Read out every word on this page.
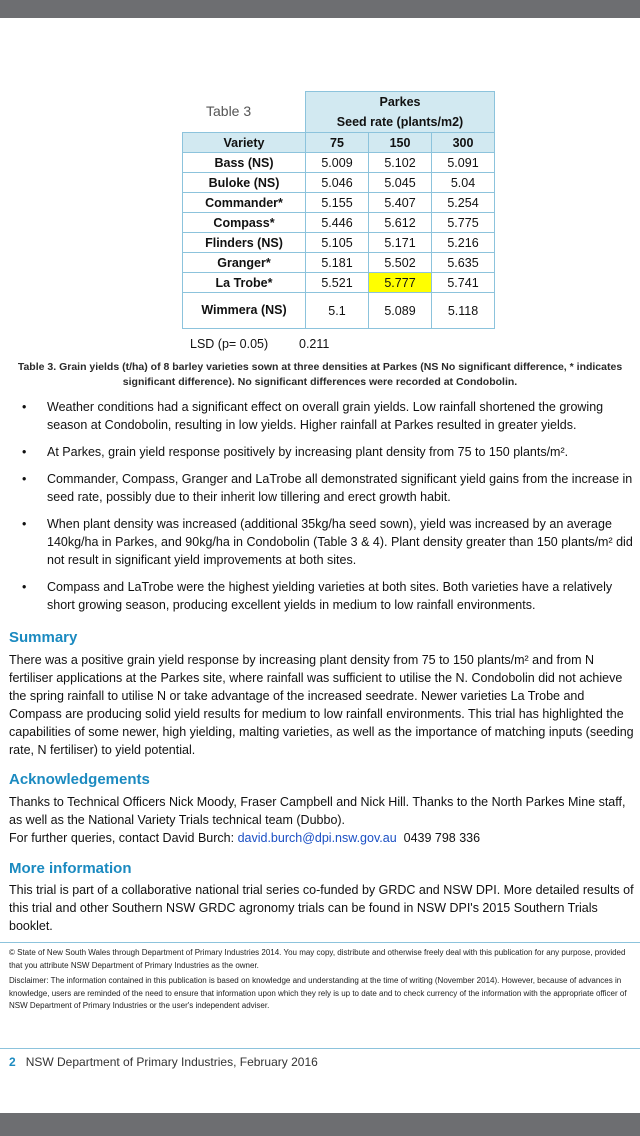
Table 3
	Parkes		
	Seed rate (plants/m2)		
Variety	75	150	300
Bass (NS)	5.009	5.102	5.091
Buloke (NS)	5.046	5.045	5.04
Commander*	5.155	5.407	5.254
Compass*	5.446	5.612	5.775
Flinders (NS)	5.105	5.171	5.216
Granger*	5.181	5.502	5.635
La Trobe*	5.521	5.777	5.741
Wimmera (NS)	5.1	5.089	5.118
LSD (p= 0.05) 0.211
Table 3. Grain yields (t/ha) of 8 barley varieties sown at three densities at Parkes (NS No significant difference, * indicates significant difference). No significant differences were recorded at Condobolin.
• Weather conditions had a significant effect on overall grain yields. Low rainfall shortened the growing season at Condobolin, resulting in low yields. Higher rainfall at Parkes resulted in greater yields.
• At Parkes, grain yield response positively by increasing plant density from 75 to 150 plants/m².
• Commander, Compass, Granger and LaTrobe all demonstrated significant yield gains from the increase in seed rate, possibly due to their inherit low tillering and erect growth habit.
• When plant density was increased (additional 35kg/ha seed sown), yield was increased by an average 140kg/ha in Parkes, and 90kg/ha in Condobolin (Table 3 & 4). Plant density greater than 150 plants/m² did not result in significant yield improvements at both sites.
• Compass and LaTrobe were the highest yielding varieties at both sites. Both varieties have a relatively short growing season, producing excellent yields in medium to low rainfall environments.
Summary
There was a positive grain yield response by increasing plant density from 75 to 150 plants/m² and from N fertiliser applications at the Parkes site, where rainfall was sufficient to utilise the N. Condobolin did not achieve the spring rainfall to utilise N or take advantage of the increased seedrate. Newer varieties La Trobe and Compass are producing solid yield results for medium to low rainfall environments. This trial has highlighted the capabilities of some newer, high yielding, malting varieties, as well as the importance of matching inputs (seeding rate, N fertiliser) to yield potential.
Acknowledgements
Thanks to Technical Officers Nick Moody, Fraser Campbell and Nick Hill. Thanks to the North Parkes Mine staff, as well as the National Variety Trials technical team (Dubbo).
For further queries, contact David Burch: david.burch@dpi.nsw.gov.au  0439 798 336
More information
This trial is part of a collaborative national trial series co-funded by GRDC and NSW DPI. More detailed results of this trial and other Southern NSW GRDC agronomy trials can be found in NSW DPI's 2015 Southern Trials booklet.
© State of New South Wales through Department of Primary Industries 2014. You may copy, distribute and otherwise freely deal with this publication for any purpose, provided that you attribute NSW Department of Primary Industries as the owner.
Disclaimer: The information contained in this publication is based on knowledge and understanding at the time of writing (November 2014). However, because of advances in knowledge, users are reminded of the need to ensure that information upon which they rely is up to date and to check currency of the information with the appropriate officer of NSW Department of Primary Industries or the user's independent adviser.
2 NSW Department of Primary Industries, February 2016
